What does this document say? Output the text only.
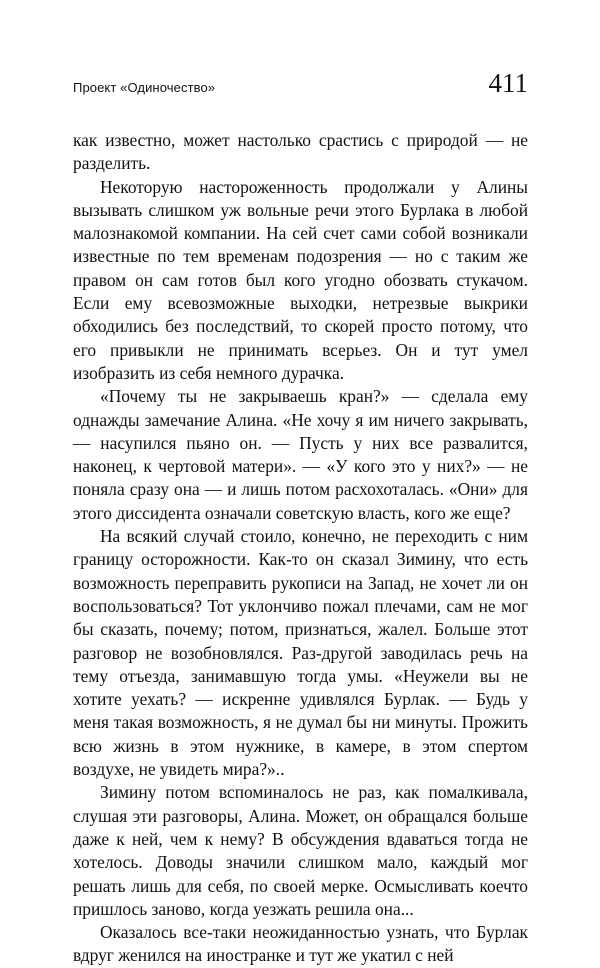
Проект «Одиночество»	411

как известно, может настолько срастись с природой — не разделить.

Некоторую настороженность продолжали у Алины вызывать слишком уж вольные речи этого Бурлака в любой малознакомой компании. На сей счет сами собой возникали известные по тем временам подозрения — но с таким же правом он сам готов был кого угодно обозвать стукачом. Если ему всевозможные выходки, нетрезвые выкрики обходились без последствий, то скорей просто потому, что его привыкли не принимать всерьез. Он и тут умел изобразить из себя немного дурачка.

«Почему ты не закрываешь кран?» — сделала ему однажды замечание Алина. «Не хочу я им ничего закрывать, — насупился пьяно он. — Пусть у них все развалится, наконец, к чертовой матери». — «У кого это у них?» — не поняла сразу она — и лишь потом расхохоталась. «Они» для этого диссидента означали советскую власть, кого же еще?

На всякий случай стоило, конечно, не переходить с ним границу осторожности. Как-то он сказал Зимину, что есть возможность переправить рукописи на Запад, не хочет ли он воспользоваться? Тот уклончиво пожал плечами, сам не мог бы сказать, почему; потом, признаться, жалел. Больше этот разговор не возобновлялся. Раз-другой заводилась речь на тему отъезда, занимавшую тогда умы. «Неужели вы не хотите уехать? — искренне удивлялся Бурлак. — Будь у меня такая возможность, я не думал бы ни минуты. Прожить всю жизнь в этом нужнике, в камере, в этом спертом воздухе, не увидеть мира?»..

Зимину потом вспоминалось не раз, как помалкивала, слушая эти разговоры, Алина. Может, он обращался больше даже к ней, чем к нему? В обсуждения вдаваться тогда не хотелось. Доводы значили слишком мало, каждый мог решать лишь для себя, по своей мерке. Осмысливать коечто пришлось заново, когда уезжать решила она...

Оказалось все-таки неожиданностью узнать, что Бурлак вдруг женился на иностранке и тут же укатил с ней
